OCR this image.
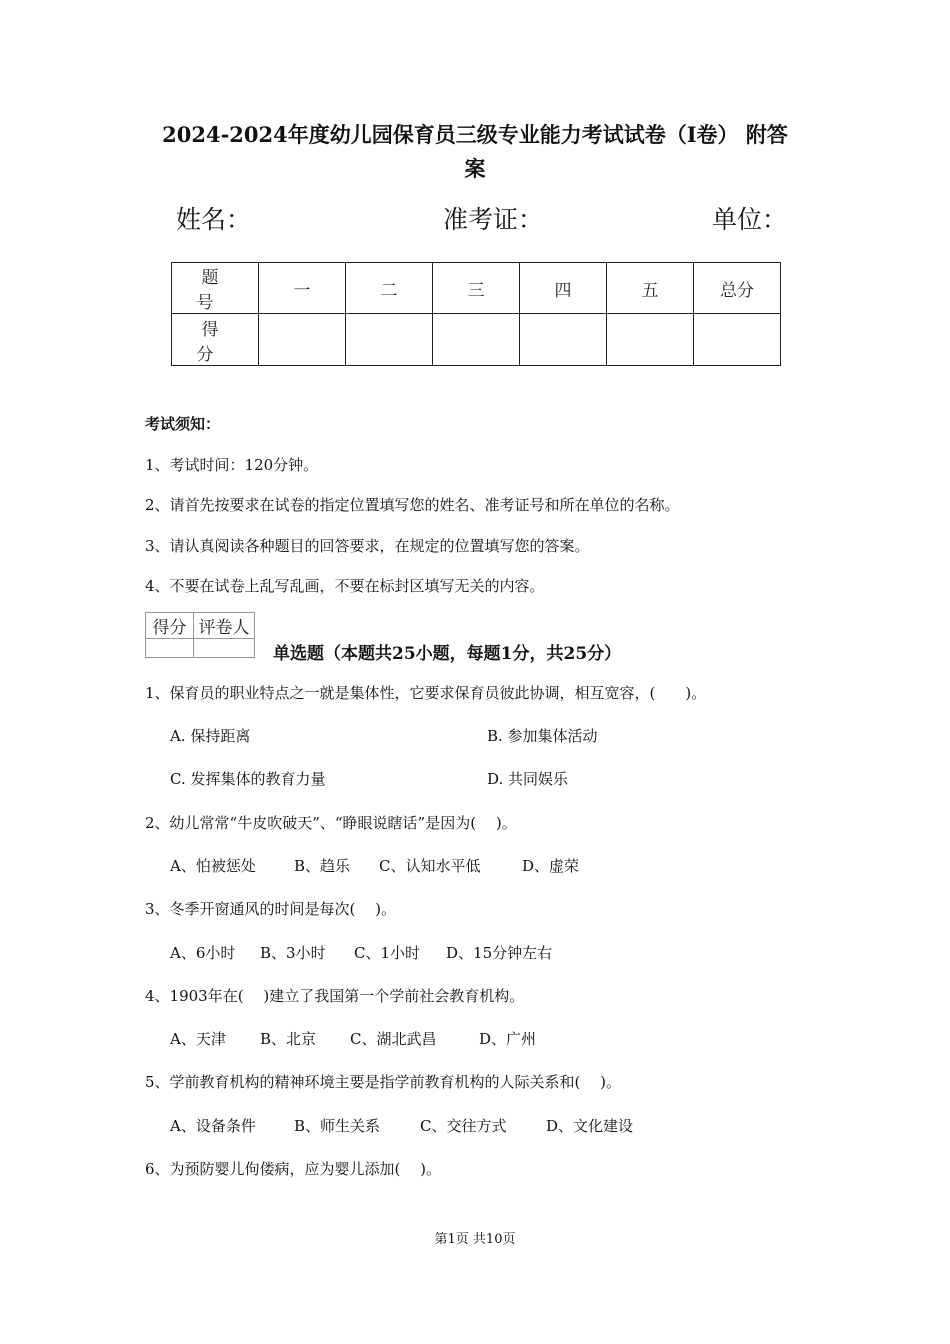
2024-2024年度幼儿园保育员三级专业能力考试试卷（I卷） 附答
案
姓名：	准考证：	单位：
题 号	一	二	三	四	五	总分
得 分						
考试须知：
1、考试时间：120分钟。
2、请首先按要求在试卷的指定位置填写您的姓名、准考证号和所在单位的名称。
3、请认真阅读各种题目的回答要求，在规定的位置填写您的答案。
4、不要在试卷上乱写乱画，不要在标封区填写无关的内容。
得分	评卷人

单选题（本题共25小题，每题1分，共25分）
1、保育员的职业特点之一就是集体性，它要求保育员彼此协调，相互宽容，(　　)。
A. 保持距离	B. 参加集体活动
C. 发挥集体的教育力量	D. 共同娱乐
2、幼儿常常“牛皮吹破天”、“睁眼说瞎话”是因为(　 )。
A、怕被惩处	B、趋乐 C、认知水平低	D、虚荣
3、冬季开窗通风的时间是每次(　 )。
A、6小时 B、3小时 C、1小时 D、15分钟左右
4、1903年在(　 )建立了我国第一个学前社会教育机构。
A、天津 B、北京 C、湖北武昌	D、广州
5、学前教育机构的精神环境主要是指学前教育机构的人际关系和(　 )。
A、设备条件	B、师生关系	C、交往方式	D、文化建设
6、为预防婴儿佝偻病，应为婴儿添加(　 )。
第1页 共10页
